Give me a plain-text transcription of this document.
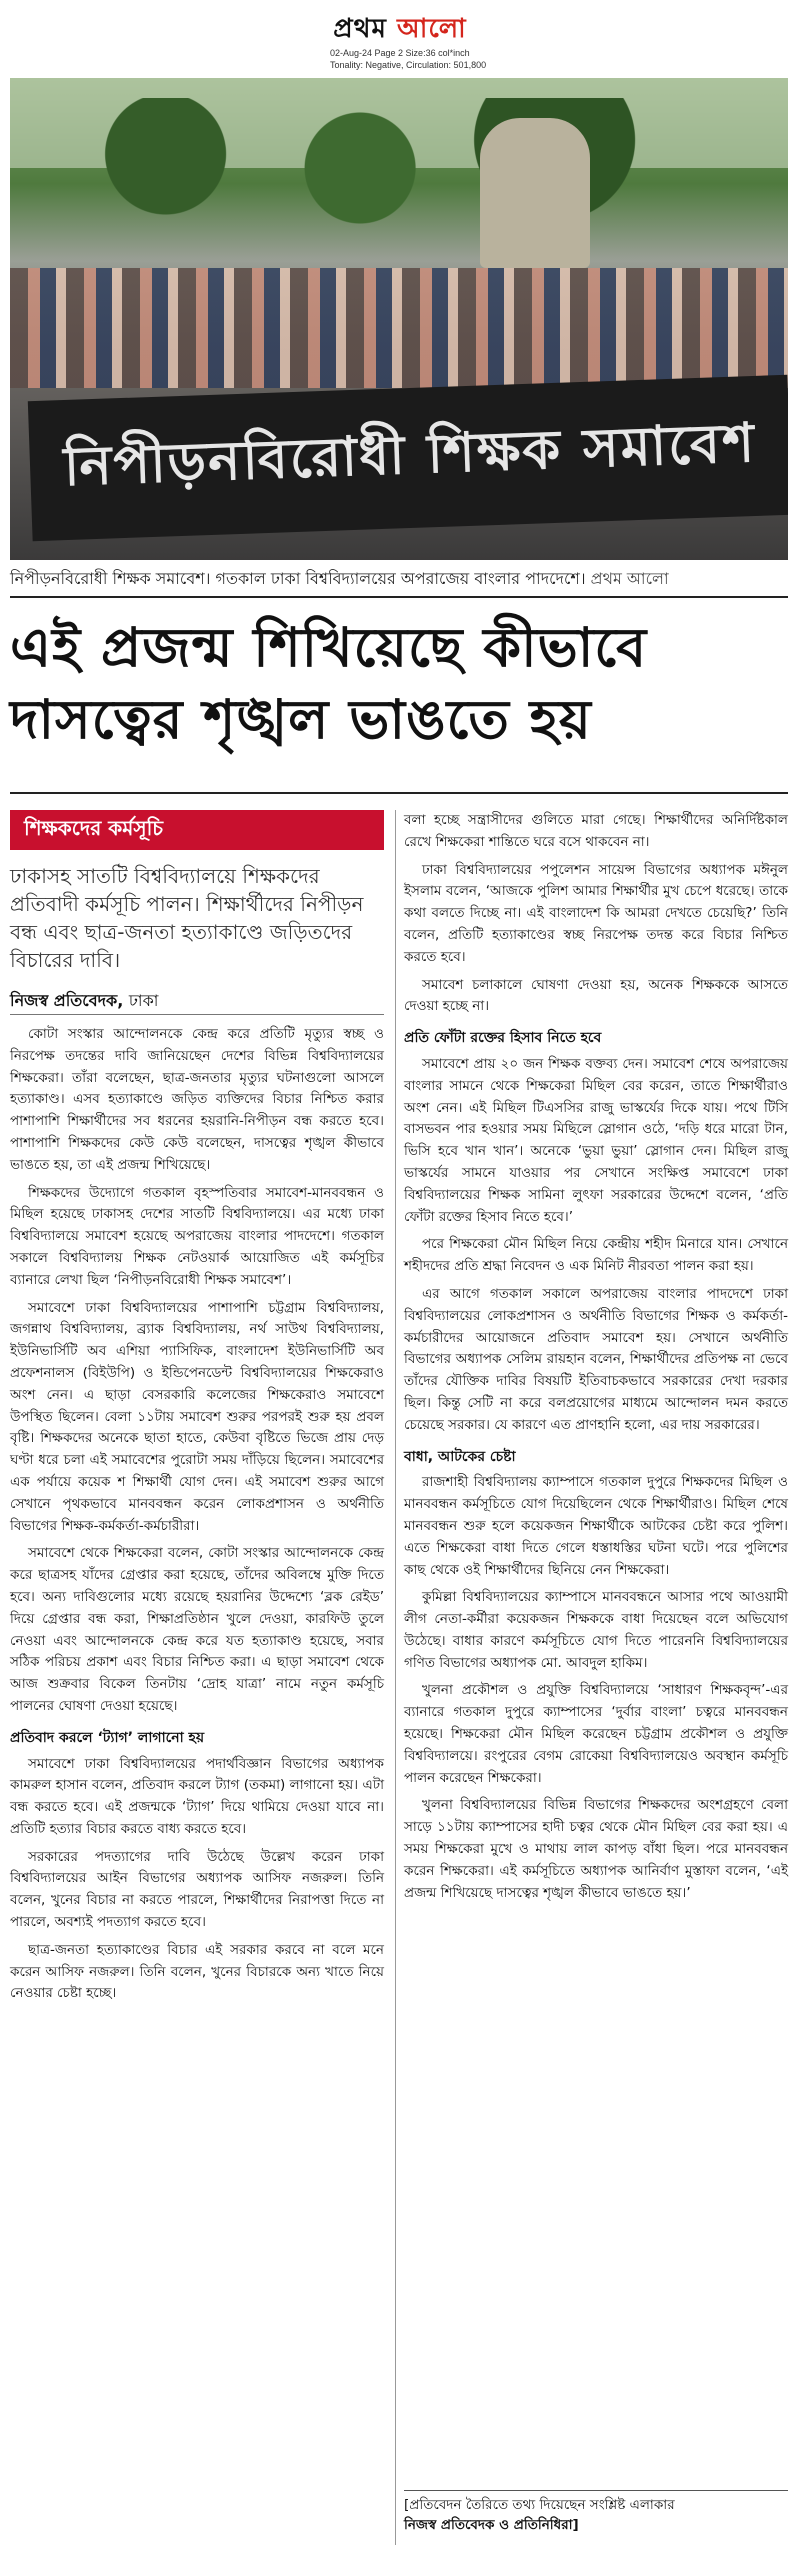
প্রথম আলো
02-Aug-24 Page 2 Size:36 col*inch
Tonality: Negative, Circulation: 501,800
নিপীড়নবিরোধী শিক্ষক সমাবেশ
নিপীড়নবিরোধী শিক্ষক সমাবেশ। গতকাল ঢাকা বিশ্ববিদ্যালয়ের অপরাজেয় বাংলার পাদদেশে। প্রথম আলো
এই প্রজন্ম শিখিয়েছে কীভাবে
দাসত্বের শৃঙ্খল ভাঙতে হয়
শিক্ষকদের কর্মসূচি
ঢাকাসহ সাতটি বিশ্ববিদ্যালয়ে শিক্ষকদের প্রতিবাদী কর্মসূচি পালন। শিক্ষার্থীদের নিপীড়ন বন্ধ এবং ছাত্র-জনতা হত্যাকাণ্ডে জড়িতদের বিচারের দাবি।
নিজস্ব প্রতিবেদক, ঢাকা

কোটা সংস্কার আন্দোলনকে কেন্দ্র করে প্রতিটি মৃত্যুর স্বচ্ছ ও নিরপেক্ষ তদন্তের দাবি জানিয়েছেন দেশের বিভিন্ন বিশ্ববিদ্যালয়ের শিক্ষকেরা। তাঁরা বলেছেন, ছাত্র-জনতার মৃত্যুর ঘটনাগুলো আসলে হত্যাকাণ্ড। এসব হত্যাকাণ্ডে জড়িত ব্যক্তিদের বিচার নিশ্চিত করার পাশাপাশি শিক্ষার্থীদের সব ধরনের হয়রানি-নিপীড়ন বন্ধ করতে হবে। পাশাপাশি শিক্ষকদের কেউ কেউ বলেছেন, দাসত্বের শৃঙ্খল কীভাবে ভাঙতে হয়, তা এই প্রজন্ম শিখিয়েছে।

শিক্ষকদের উদ্যোগে গতকাল বৃহস্পতিবার সমাবেশ-মানববন্ধন ও মিছিল হয়েছে ঢাকাসহ দেশের সাতটি বিশ্ববিদ্যালয়ে। এর মধ্যে ঢাকা বিশ্ববিদ্যালয়ে সমাবেশ হয়েছে অপরাজেয় বাংলার পাদদেশে। গতকাল সকালে বিশ্ববিদ্যালয় শিক্ষক নেটওয়ার্ক আয়োজিত এই কর্মসূচির ব্যানারে লেখা ছিল ‘নিপীড়নবিরোধী শিক্ষক সমাবেশ’।

সমাবেশে ঢাকা বিশ্ববিদ্যালয়ের পাশাপাশি চট্টগ্রাম বিশ্ববিদ্যালয়, জগন্নাথ বিশ্ববিদ্যালয়, ব্র্যাক বিশ্ববিদ্যালয়, নর্থ সাউথ বিশ্ববিদ্যালয়, ইউনিভার্সিটি অব এশিয়া প্যাসিফিক, বাংলাদেশ ইউনিভার্সিটি অব প্রফেশনালস (বিইউপি) ও ইন্ডিপেনডেন্ট বিশ্ববিদ্যালয়ের শিক্ষকেরাও অংশ নেন। এ ছাড়া বেসরকারি কলেজের শিক্ষকেরাও সমাবেশে উপস্থিত ছিলেন। বেলা ১১টায় সমাবেশ শুরুর পরপরই শুরু হয় প্রবল বৃষ্টি। শিক্ষকদের অনেকে ছাতা হাতে, কেউবা বৃষ্টিতে ভিজে প্রায় দেড় ঘণ্টা ধরে চলা এই সমাবেশের পুরোটা সময় দাঁড়িয়ে ছিলেন। সমাবেশের এক পর্যায়ে কয়েক শ শিক্ষার্থী যোগ দেন। এই সমাবেশ শুরুর আগে সেখানে পৃথকভাবে মানববন্ধন করেন লোকপ্রশাসন ও অর্থনীতি বিভাগের শিক্ষক-কর্মকর্তা-কর্মচারীরা।

সমাবেশে থেকে শিক্ষকেরা বলেন, কোটা সংস্কার আন্দোলনকে কেন্দ্র করে ছাত্রসহ যাঁদের গ্রেপ্তার করা হয়েছে, তাঁদের অবিলম্বে মুক্তি দিতে হবে। অন্য দাবিগুলোর মধ্যে রয়েছে হয়রানির উদ্দেশ্যে ‘ব্লক রেইড’ দিয়ে গ্রেপ্তার বন্ধ করা, শিক্ষাপ্রতিষ্ঠান খুলে দেওয়া, কারফিউ তুলে নেওয়া এবং আন্দোলনকে কেন্দ্র করে যত হত্যাকাণ্ড হয়েছে, সবার সঠিক পরিচয় প্রকাশ এবং বিচার নিশ্চিত করা। এ ছাড়া সমাবেশ থেকে আজ শুক্রবার বিকেল তিনটায় ‘দ্রোহ যাত্রা’ নামে নতুন কর্মসূচি পালনের ঘোষণা দেওয়া হয়েছে।

প্রতিবাদ করলে ‘ট্যাগ’ লাগানো হয়

সমাবেশে ঢাকা বিশ্ববিদ্যালয়ের পদার্থবিজ্ঞান বিভাগের অধ্যাপক কামরুল হাসান বলেন, প্রতিবাদ করলে ট্যাগ (তকমা) লাগানো হয়। এটা বন্ধ করতে হবে। এই প্রজন্মকে ‘ট্যাগ’ দিয়ে থামিয়ে দেওয়া যাবে না। প্রতিটি হত্যার বিচার করতে বাধ্য করতে হবে।

সরকারের পদত্যাগের দাবি উঠেছে উল্লেখ করেন ঢাকা বিশ্ববিদ্যালয়ের আইন বিভাগের অধ্যাপক আসিফ নজরুল। তিনি বলেন, খুনের বিচার না করতে পারলে, শিক্ষার্থীদের নিরাপত্তা দিতে না পারলে, অবশ্যই পদত্যাগ করতে হবে।

ছাত্র-জনতা হত্যাকাণ্ডের বিচার এই সরকার করবে না বলে মনে করেন আসিফ নজরুল। তিনি বলেন, খুনের বিচারকে অন্য খাতে নিয়ে নেওয়ার চেষ্টা হচ্ছে।

বলা হচ্ছে সন্ত্রাসীদের গুলিতে মারা গেছে। শিক্ষার্থীদের অনির্দিষ্টকাল রেখে শিক্ষকেরা শান্তিতে ঘরে বসে থাকবেন না।

ঢাকা বিশ্ববিদ্যালয়ের পপুলেশন সায়েন্স বিভাগের অধ্যাপক মঈনুল ইসলাম বলেন, ‘আজকে পুলিশ আমার শিক্ষার্থীর মুখ চেপে ধরেছে। তাকে কথা বলতে দিচ্ছে না। এই বাংলাদেশ কি আমরা দেখতে চেয়েছি?’ তিনি বলেন, প্রতিটি হত্যাকাণ্ডের স্বচ্ছ নিরপেক্ষ তদন্ত করে বিচার নিশ্চিত করতে হবে।

সমাবেশ চলাকালে ঘোষণা দেওয়া হয়, অনেক শিক্ষককে আসতে দেওয়া হচ্ছে না।

প্রতি ফোঁটা রক্তের হিসাব নিতে হবে

সমাবেশে প্রায় ২০ জন শিক্ষক বক্তব্য দেন। সমাবেশ শেষে অপরাজেয় বাংলার সামনে থেকে শিক্ষকেরা মিছিল বের করেন, তাতে শিক্ষার্থীরাও অংশ নেন। এই মিছিল টিএসসির রাজু ভাস্কর্যের দিকে যায়। পথে টিসি বাসভবন পার হওয়ার সময় মিছিলে স্লোগান ওঠে, ‘দড়ি ধরে মারো টান, ভিসি হবে খান খান’। অনেকে ‘ভুয়া ভুয়া’ স্লোগান দেন। মিছিল রাজু ভাস্কর্যের সামনে যাওয়ার পর সেখানে সংক্ষিপ্ত সমাবেশে ঢাকা বিশ্ববিদ্যালয়ের শিক্ষক সামিনা লুৎফা সরকারের উদ্দেশে বলেন, ‘প্রতি ফোঁটা রক্তের হিসাব নিতে হবে।’

পরে শিক্ষকেরা মৌন মিছিল নিয়ে কেন্দ্রীয় শহীদ মিনারে যান। সেখানে শহীদদের প্রতি শ্রদ্ধা নিবেদন ও এক মিনিট নীরবতা পালন করা হয়।

এর আগে গতকাল সকালে অপরাজেয় বাংলার পাদদেশে ঢাকা বিশ্ববিদ্যালয়ের লোকপ্রশাসন ও অর্থনীতি বিভাগের শিক্ষক ও কর্মকর্তা-কর্মচারীদের আয়োজনে প্রতিবাদ সমাবেশ হয়। সেখানে অর্থনীতি বিভাগের অধ্যাপক সেলিম রায়হান বলেন, শিক্ষার্থীদের প্রতিপক্ষ না ভেবে তাঁদের যৌক্তিক দাবির বিষয়টি ইতিবাচকভাবে সরকারের দেখা দরকার ছিল। কিন্তু সেটি না করে বলপ্রয়োগের মাধ্যমে আন্দোলন দমন করতে চেয়েছে সরকার। যে কারণে এত প্রাণহানি হলো, এর দায় সরকারের।

বাধা, আটকের চেষ্টা

রাজশাহী বিশ্ববিদ্যালয় ক্যাম্পাসে গতকাল দুপুরে শিক্ষকদের মিছিল ও মানববন্ধন কর্মসূচিতে যোগ দিয়েছিলেন থেকে শিক্ষার্থীরাও। মিছিল শেষে মানববন্ধন শুরু হলে কয়েকজন শিক্ষার্থীকে আটকের চেষ্টা করে পুলিশ। এতে শিক্ষকেরা বাধা দিতে গেলে ধস্তাধস্তির ঘটনা ঘটে। পরে পুলিশের কাছ থেকে ওই শিক্ষার্থীদের ছিনিয়ে নেন শিক্ষকেরা।

কুমিল্লা বিশ্ববিদ্যালয়ের ক্যাম্পাসে মানববন্ধনে আসার পথে আওয়ামী লীগ নেতা-কর্মীরা কয়েকজন শিক্ষককে বাধা দিয়েছেন বলে অভিযোগ উঠেছে। বাধার কারণে কর্মসূচিতে যোগ দিতে পারেননি বিশ্ববিদ্যালয়ের গণিত বিভাগের অধ্যাপক মো. আবদুল হাকিম।

খুলনা প্রকৌশল ও প্রযুক্তি বিশ্ববিদ্যালয়ে ‘সাধারণ শিক্ষকবৃন্দ’-এর ব্যানারে গতকাল দুপুরে ক্যাম্পাসের ‘দুর্বার বাংলা’ চত্বরে মানববন্ধন হয়েছে। শিক্ষকেরা মৌন মিছিল করেছেন চট্টগ্রাম প্রকৌশল ও প্রযুক্তি বিশ্ববিদ্যালয়ে। রংপুরের বেগম রোকেয়া বিশ্ববিদ্যালয়েও অবস্থান কর্মসূচি পালন করেছেন শিক্ষকেরা।

খুলনা বিশ্ববিদ্যালয়ের বিভিন্ন বিভাগের শিক্ষকদের অংশগ্রহণে বেলা সাড়ে ১১টায় ক্যাম্পাসের হাদী চত্বর থেকে মৌন মিছিল বের করা হয়। এ সময় শিক্ষকেরা মুখে ও মাথায় লাল কাপড় বাঁধা ছিল। পরে মানববন্ধন করেন শিক্ষকেরা। এই কর্মসূচিতে অধ্যাপক আনির্বাণ মুস্তাফা বলেন, ‘এই প্রজন্ম শিখিয়েছে দাসত্বের শৃঙ্খল কীভাবে ভাঙতে হয়।’

[প্রতিবেদন তৈরিতে তথ্য দিয়েছেন সংশ্লিষ্ট এলাকার
নিজস্ব প্রতিবেদক ও প্রতিনিধিরা]
